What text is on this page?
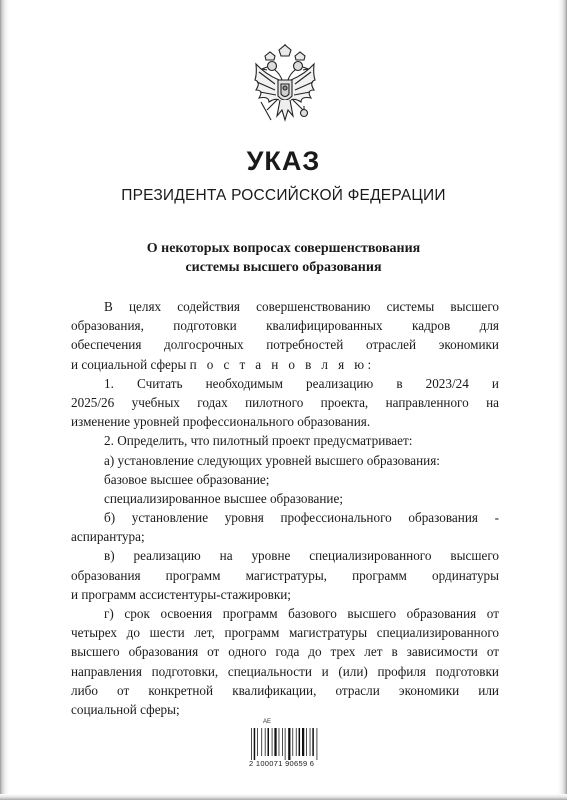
УКАЗ
ПРЕЗИДЕНТА РОССИЙСКОЙ ФЕДЕРАЦИИ
О некоторых вопросах совершенствования
системы высшего образования
В целях содействия совершенствованию системы высшего
образования, подготовки квалифицированных кадров для
обеспечения долгосрочных потребностей отраслей экономики
и социальной сферы п о с т а н о в л я ю:
1. Считать необходимым реализацию в 2023/24 и
2025/26 учебных годах пилотного проекта, направленного на
изменение уровней профессионального образования.
2. Определить, что пилотный проект предусматривает:
а) установление следующих уровней высшего образования:
базовое высшее образование;
специализированное высшее образование;
б) установление уровня профессионального образования -
аспирантура;
в) реализацию на уровне специализированного высшего
образования программ магистратуры, программ ординатуры
и программ ассистентуры-стажировки;
г) срок освоения программ базового высшего образования от
четырех до шести лет, программ магистратуры специализированного
высшего образования от одного года до трех лет в зависимости от
направления подготовки, специальности и (или) профиля подготовки
либо от конкретной квалификации, отрасли экономики или
социальной сферы;
АЕ
2 100071 90659 6
